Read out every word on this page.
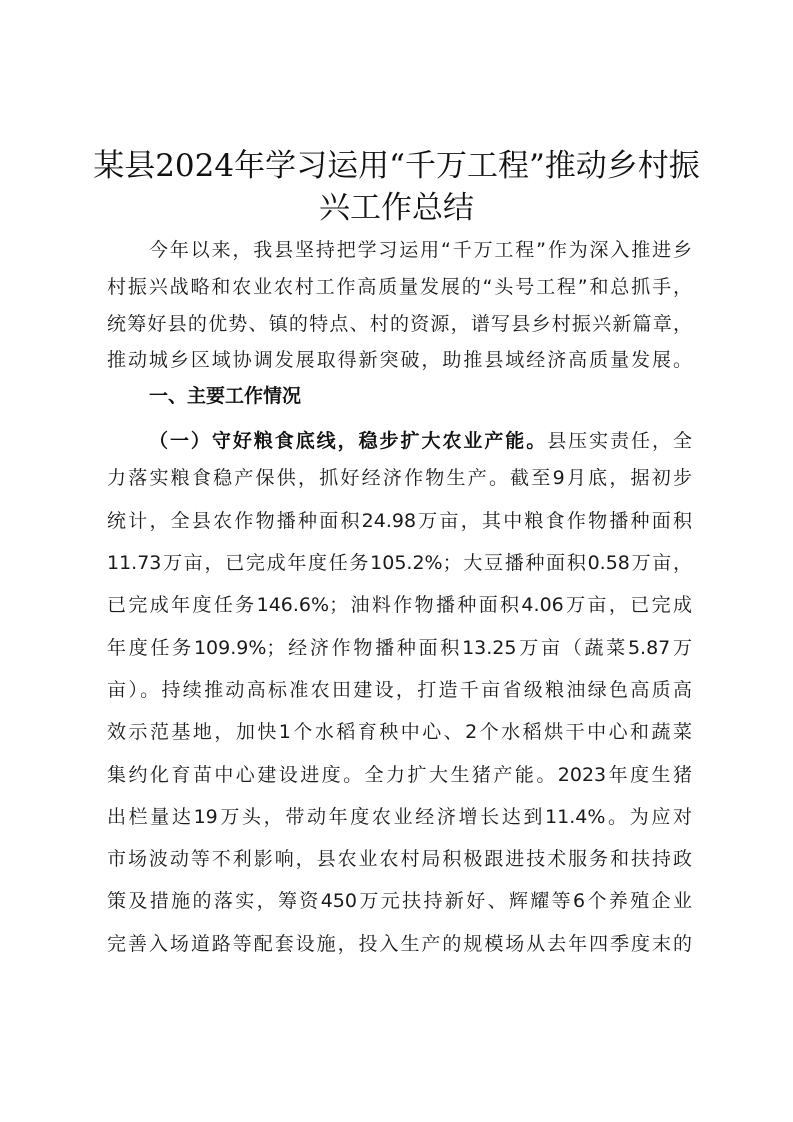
某县2024年学习运用“千万工程”推动乡村振
兴工作总结
今年以来，我县坚持把学习运用“千万工程”作为深入推进乡
村振兴战略和农业农村工作高质量发展的“头号工程”和总抓手，
统筹好县的优势、镇的特点、村的资源，谱写县乡村振兴新篇章，
推动城乡区域协调发展取得新突破，助推县域经济高质量发展。
一、主要工作情况
（一）守好粮食底线，稳步扩大农业产能。县压实责任，全
力落实粮食稳产保供，抓好经济作物生产。截至9月底，据初步
统计，全县农作物播种面积24.98万亩，其中粮食作物播种面积
11.73万亩，已完成年度任务105.2%；大豆播种面积0.58万亩，
已完成年度任务146.6%；油料作物播种面积4.06万亩，已完成
年度任务109.9%；经济作物播种面积13.25万亩（蔬菜5.87万
亩）。持续推动高标准农田建设，打造千亩省级粮油绿色高质高
效示范基地，加快1个水稻育秧中心、2个水稻烘干中心和蔬菜
集约化育苗中心建设进度。全力扩大生猪产能。2023年度生猪
出栏量达19万头，带动年度农业经济增长达到11.4%。为应对
市场波动等不利影响，县农业农村局积极跟进技术服务和扶持政
策及措施的落实，筹资450万元扶持新好、辉耀等6个养殖企业
完善入场道路等配套设施，投入生产的规模场从去年四季度末的
